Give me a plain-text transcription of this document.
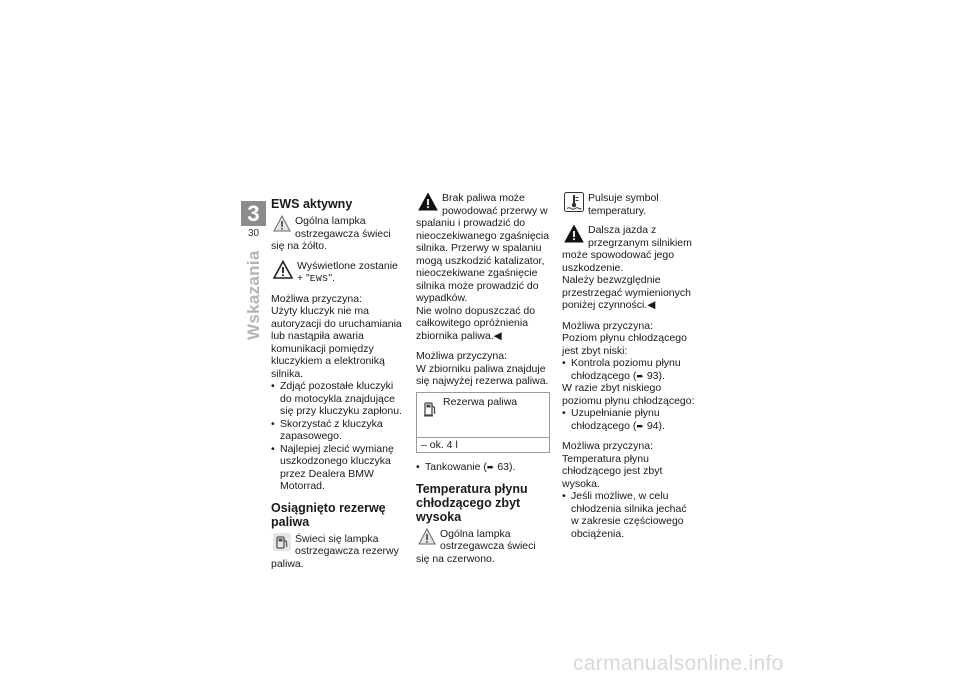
3
30
Wskazania
EWS aktywny
Ogólna lampka ostrzegawcza świeci się na żółto.
Wyświetlone zostanie + "EWS".

Możliwa przyczyna:

Użyty kluczyk nie ma autoryzacji do uruchamiania lub nastąpiła awaria komunikacji pomiędzy kluczykiem a elektroniką silnika.

• Zdjąć pozostałe kluczyki do motocykla znajdujące się przy kluczyku zapłonu.
• Skorzystać z kluczyka zapasowego.
• Najlepiej zlecić wymianę uszkodzonego kluczyka przez Dealera BMW Motorrad.
Osiągnięto rezerwę paliwa
Świeci się lampka ostrzegawcza rezerwy paliwa.
Brak paliwa może powodować przerwy w spalaniu i prowadzić do nieoczekiwanego zgaśnięcia silnika. Przerwy w spalaniu mogą uszkodzić katalizator, nieoczekiwane zgaśnięcie silnika może prowadzić do wypadków.

Nie wolno dopuszczać do całkowitego opróżnienia zbiornika paliwa.◀

Możliwa przyczyna:

W zbiorniku paliwa znajduje się najwyżej rezerwa paliwa.

Rezerwa paliwa
– ok. 4 l
• Tankowanie (➨ 63).
Temperatura płynu chłodzącego zbyt wysoka
Ogólna lampka ostrzegawcza świeci się na czerwono.
Pulsuje symbol temperatury.
Dalsza jazda z przegrzanym silnikiem może spowodować jego uszkodzenie.

Należy bezwzględnie przestrzegać wymienionych poniżej czynności.◀

Możliwa przyczyna:

Poziom płynu chłodzącego jest zbyt niski:

• Kontrola poziomu płynu chłodzącego (➨ 93).

W razie zbyt niskiego poziomu płynu chłodzącego:

• Uzupełnianie płynu chłodzącego (➨ 94).

Możliwa przyczyna:

Temperatura płynu chłodzącego jest zbyt wysoka.

• Jeśli możliwe, w celu chłodzenia silnika jechać w zakresie częściowego obciążenia.
carmanualsonline.info
